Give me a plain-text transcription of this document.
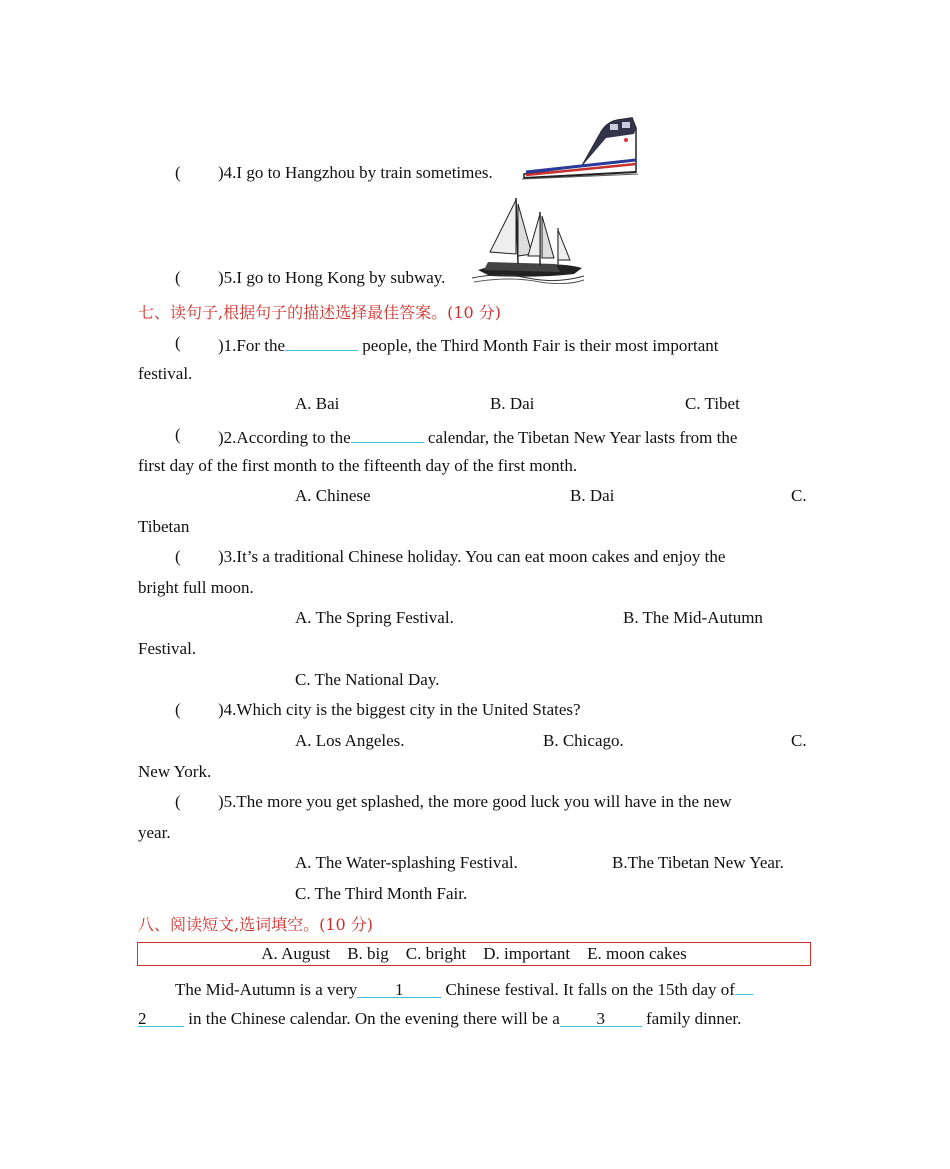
( )4.I go to Hangzhou by train sometimes.
( )5.I go to Hong Kong by subway.
七、读句子,根据句子的描述选择最佳答案。(10 分)
( )1.For the	people, the Third Month Fair is their most important
festival.
A. Bai	B. Dai	C. Tibet
( )2.According to the	calendar, the Tibetan New Year lasts from the
first day of the first month to the fifteenth day of the first month.
A. Chinese	B. Dai	C.
Tibetan
( )3.It’s a traditional Chinese holiday. You can eat moon cakes and enjoy the
bright full moon.
A. The Spring Festival.	B. The Mid-Autumn
Festival.
C. The National Day.
( )4.Which city is the biggest city in the United States?
A. Los Angeles.	B. Chicago.	C.
New York.
( )5.The more you get splashed, the more good luck you will have in the new
year.
A. The Water-splashing Festival.	B.The Tibetan New Year.
C. The Third Month Fair.
八、阅读短文,选词填空。(10 分)
A. August    B. big    C. bright    D. important    E. moon cakes
The Mid-Autumn is a very 1 Chinese festival. It falls on the 15th day of
2 in the Chinese calendar. On the evening there will be a 3 family dinner.
